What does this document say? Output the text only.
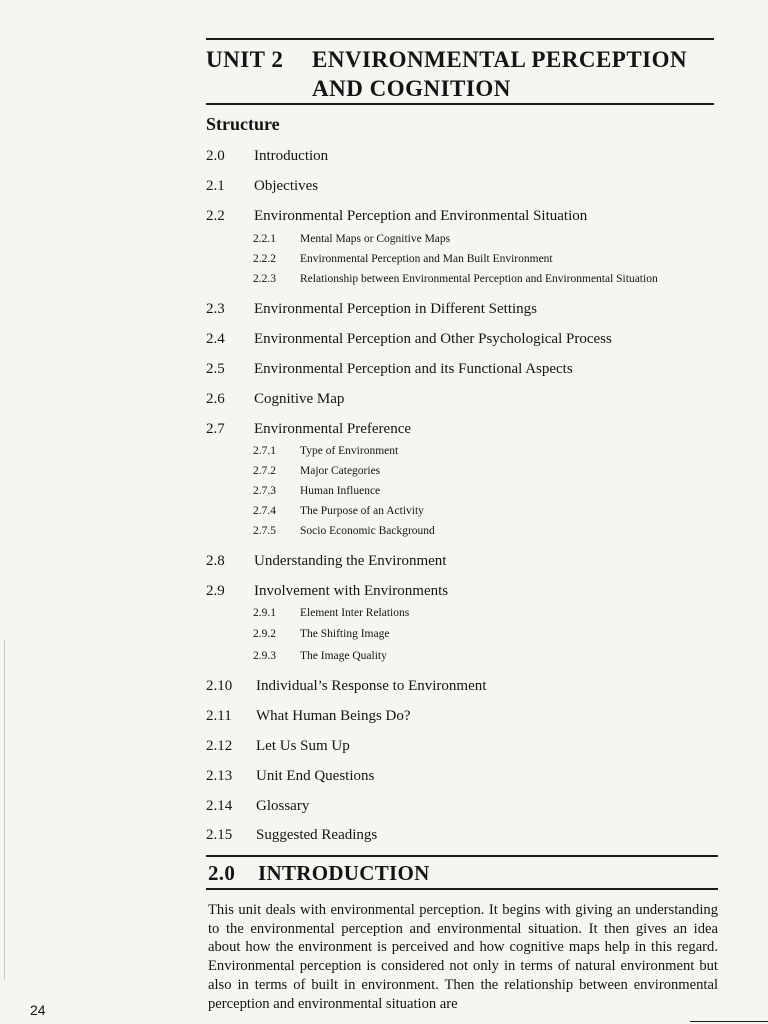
UNIT 2 ENVIRONMENTAL PERCEPTION AND COGNITION
Structure
2.0 Introduction
2.1 Objectives
2.2 Environmental Perception and Environmental Situation
2.2.1 Mental Maps or Cognitive Maps
2.2.2 Environmental Perception and Man Built Environment
2.2.3 Relationship between Environmental Perception and Environmental Situation
2.3 Environmental Perception in Different Settings
2.4 Environmental Perception and Other Psychological Process
2.5 Environmental Perception and its Functional Aspects
2.6 Cognitive Map
2.7 Environmental Preference
2.7.1 Type of Environment
2.7.2 Major Categories
2.7.3 Human Influence
2.7.4 The Purpose of an Activity
2.7.5 Socio Economic Background
2.8 Understanding the Environment
2.9 Involvement with Environments
2.9.1 Element Inter Relations
2.9.2 The Shifting Image
2.9.3 The Image Quality
2.10 Individual’s Response to Environment
2.11 What Human Beings Do?
2.12 Let Us Sum Up
2.13 Unit End Questions
2.14 Glossary
2.15 Suggested Readings
2.0 INTRODUCTION
This unit deals with environmental perception. It begins with giving an understanding to the environmental perception and environmental situation. It then gives an idea about how the environment is perceived and how cognitive maps help in this regard. Environmental perception is considered not only in terms of natural environment but also in terms of built in environment. Then the relationship between environmental perception and environmental situation are
24
